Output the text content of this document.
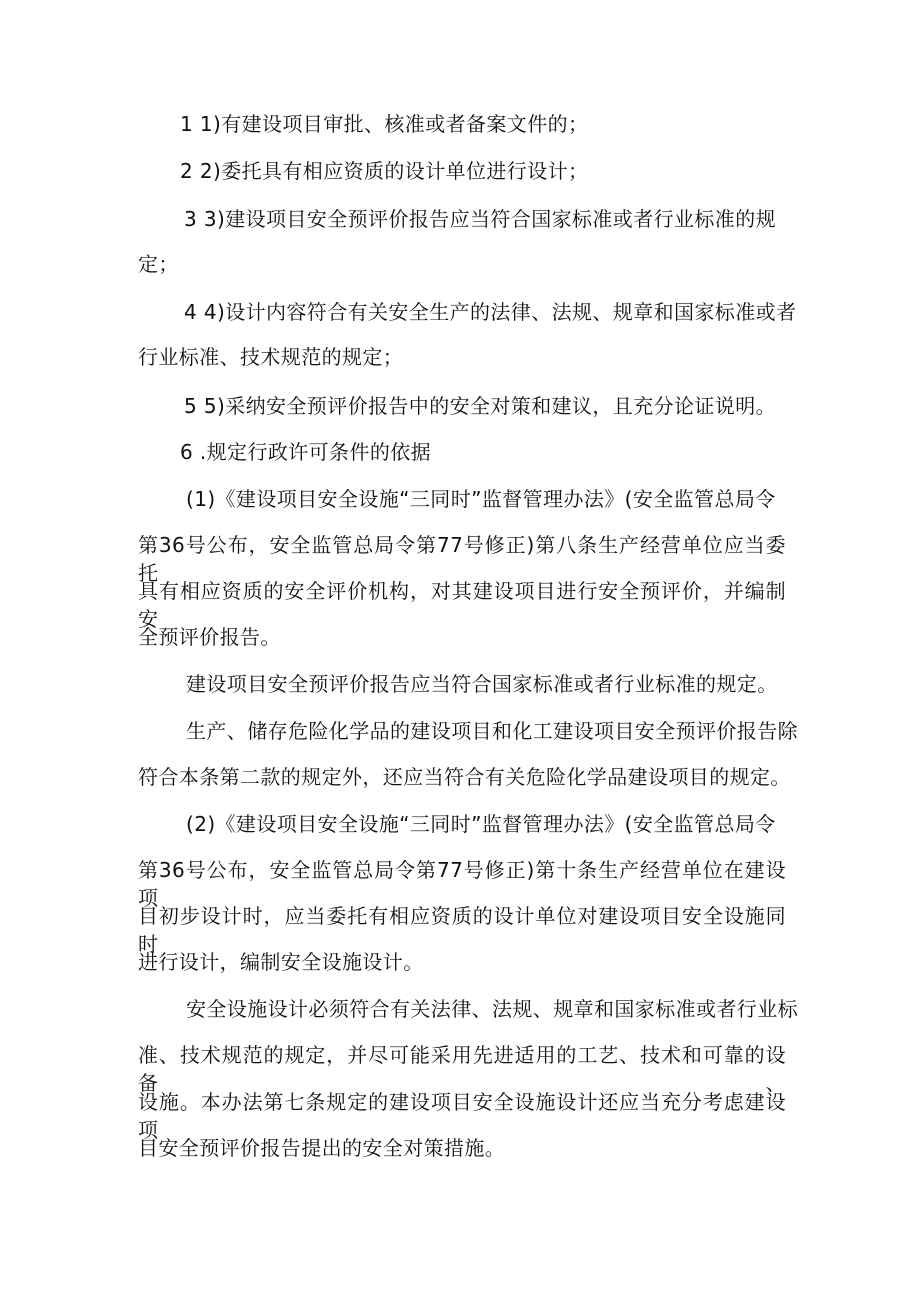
1 1)有建设项目审批、核准或者备案文件的；
2 2)委托具有相应资质的设计单位进行设计；
3 3)建设项目安全预评价报告应当符合国家标准或者行业标准的规
定；
4 4)设计内容符合有关安全生产的法律、法规、规章和国家标准或者
行业标准、技术规范的规定；
5 5)采纳安全预评价报告中的安全对策和建议，且充分论证说明。
6 .规定行政许可条件的依据
(1)《建设项目安全设施“三同时”监督管理办法》(安全监管总局令
第36号公布，安全监管总局令第77号修正)第八条生产经营单位应当委托
具有相应资质的安全评价机构，对其建设项目进行安全预评价，并编制安
全预评价报告。
建设项目安全预评价报告应当符合国家标准或者行业标准的规定。
生产、储存危险化学品的建设项目和化工建设项目安全预评价报告除
符合本条第二款的规定外，还应当符合有关危险化学品建设项目的规定。
(2)《建设项目安全设施“三同时”监督管理办法》(安全监管总局令
第36号公布，安全监管总局令第77号修正)第十条生产经营单位在建设项
目初步设计时，应当委托有相应资质的设计单位对建设项目安全设施同时
进行设计，编制安全设施设计。
安全设施设计必须符合有关法律、法规、规章和国家标准或者行业标
准、技术规范的规定，并尽可能采用先进适用的工艺、技术和可靠的设备、
设施。本办法第七条规定的建设项目安全设施设计还应当充分考虑建设项
目安全预评价报告提出的安全对策措施。
